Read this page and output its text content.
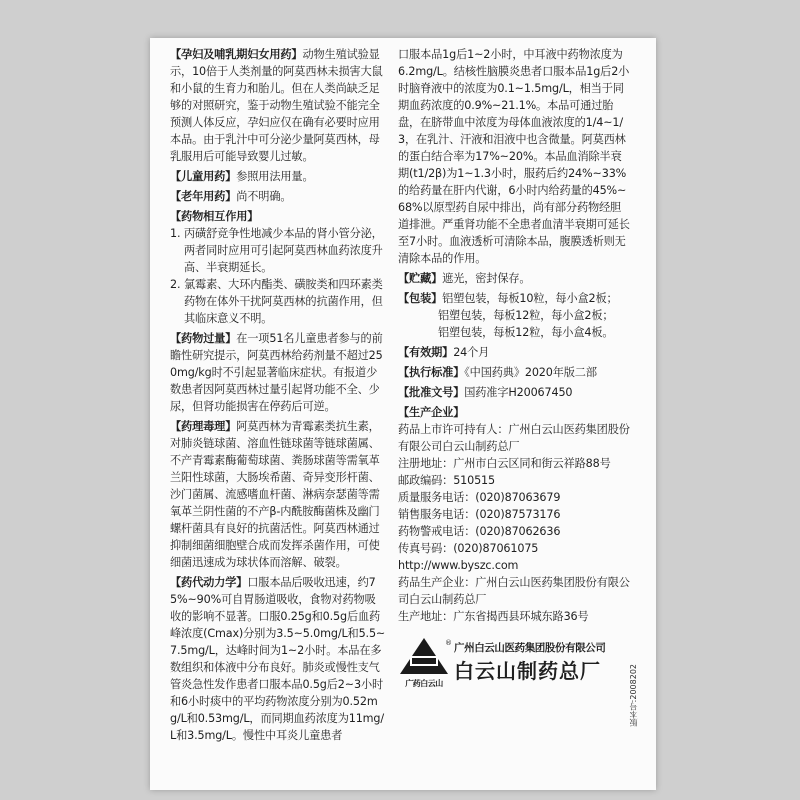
【孕妇及哺乳期妇女用药】动物生殖试验显示，10倍于人类剂量的阿莫西林未损害大鼠和小鼠的生育力和胎儿。但在人类尚缺乏足够的对照研究，鉴于动物生殖试验不能完全预测人体反应，孕妇应仅在确有必要时应用本品。由于乳汁中可分泌少量阿莫西林，母乳服用后可能导致婴儿过敏。
【儿童用药】参照用法用量。
【老年用药】尚不明确。
【药物相互作用】
1. 丙磺舒竞争性地减少本品的肾小管分泌，两者同时应用可引起阿莫西林血药浓度升高、半衰期延长。
2. 氯霉素、大环内酯类、磺胺类和四环素类药物在体外干扰阿莫西林的抗菌作用，但其临床意义不明。
【药物过量】在一项51名儿童患者参与的前瞻性研究提示，阿莫西林给药剂量不超过250mg/kg时不引起显著临床症状。有报道少数患者因阿莫西林过量引起肾功能不全、少尿，但肾功能损害在停药后可逆。
【药理毒理】阿莫西林为青霉素类抗生素，对肺炎链球菌、溶血性链球菌等链球菌属、不产青霉素酶葡萄球菌、粪肠球菌等需氧革兰阳性球菌，大肠埃希菌、奇异变形杆菌、沙门菌属、流感嗜血杆菌、淋病奈瑟菌等需氧革兰阴性菌的不产β-内酰胺酶菌株及幽门螺杆菌具有良好的抗菌活性。阿莫西林通过抑制细菌细胞壁合成而发挥杀菌作用，可使细菌迅速成为球状体而溶解、破裂。
【药代动力学】口服本品后吸收迅速，约75%~90%可自胃肠道吸收，食物对药物吸收的影响不显著。口服0.25g和0.5g后血药峰浓度(Cmax)分别为3.5~5.0mg/L和5.5~7.5mg/L，达峰时间为1~2小时。本品在多数组织和体液中分布良好。肺炎或慢性支气管炎急性发作患者口服本品0.5g后2~3小时和6小时痰中的平均药物浓度分别为0.52mg/L和0.53mg/L，而同期血药浓度为11mg/L和3.5mg/L。慢性中耳炎儿童患者
口服本品1g后1~2小时，中耳液中药物浓度为6.2mg/L。结核性脑膜炎患者口服本品1g后2小时脑脊液中的浓度为0.1~1.5mg/L，相当于同期血药浓度的0.9%~21.1%。本品可通过胎盘，在脐带血中浓度为母体血液浓度的1/4~1/3，在乳汁、汗液和泪液中也含微量。阿莫西林的蛋白结合率为17%~20%。本品血消除半衰期(t1/2β)为1~1.3小时，服药后约24%~33%的给药量在肝内代谢，6小时内给药量的45%~68%以原型药自尿中排出，尚有部分药物经胆道排泄。严重肾功能不全患者血清半衰期可延长至7小时。血液透析可清除本品，腹膜透析则无清除本品的作用。
【贮藏】遮光，密封保存。
【包装】铝塑包装，每板10粒，每小盒2板；
铝塑包装，每板12粒，每小盒2板；
铝塑包装，每板12粒，每小盒4板。
【有效期】24个月
【执行标准】《中国药典》2020年版二部
【批准文号】国药准字H20067450
【生产企业】
药品上市许可持有人：广州白云山医药集团股份有限公司白云山制药总厂
注册地址：广州市白云区同和街云祥路88号
邮政编码：510515
质量服务电话：(020)87063679
销售服务电话：(020)87573176
药物警戒电话：(020)87062636
传真号码：(020)87061075
http://www.byszc.com
药品生产企业：广州白云山医药集团股份有限公司白云山制药总厂
生产地址：广东省揭西县环城东路36号
广药白云山
广州白云山医药集团股份有限公司
白云山制药总厂
®
版本号:2008202
